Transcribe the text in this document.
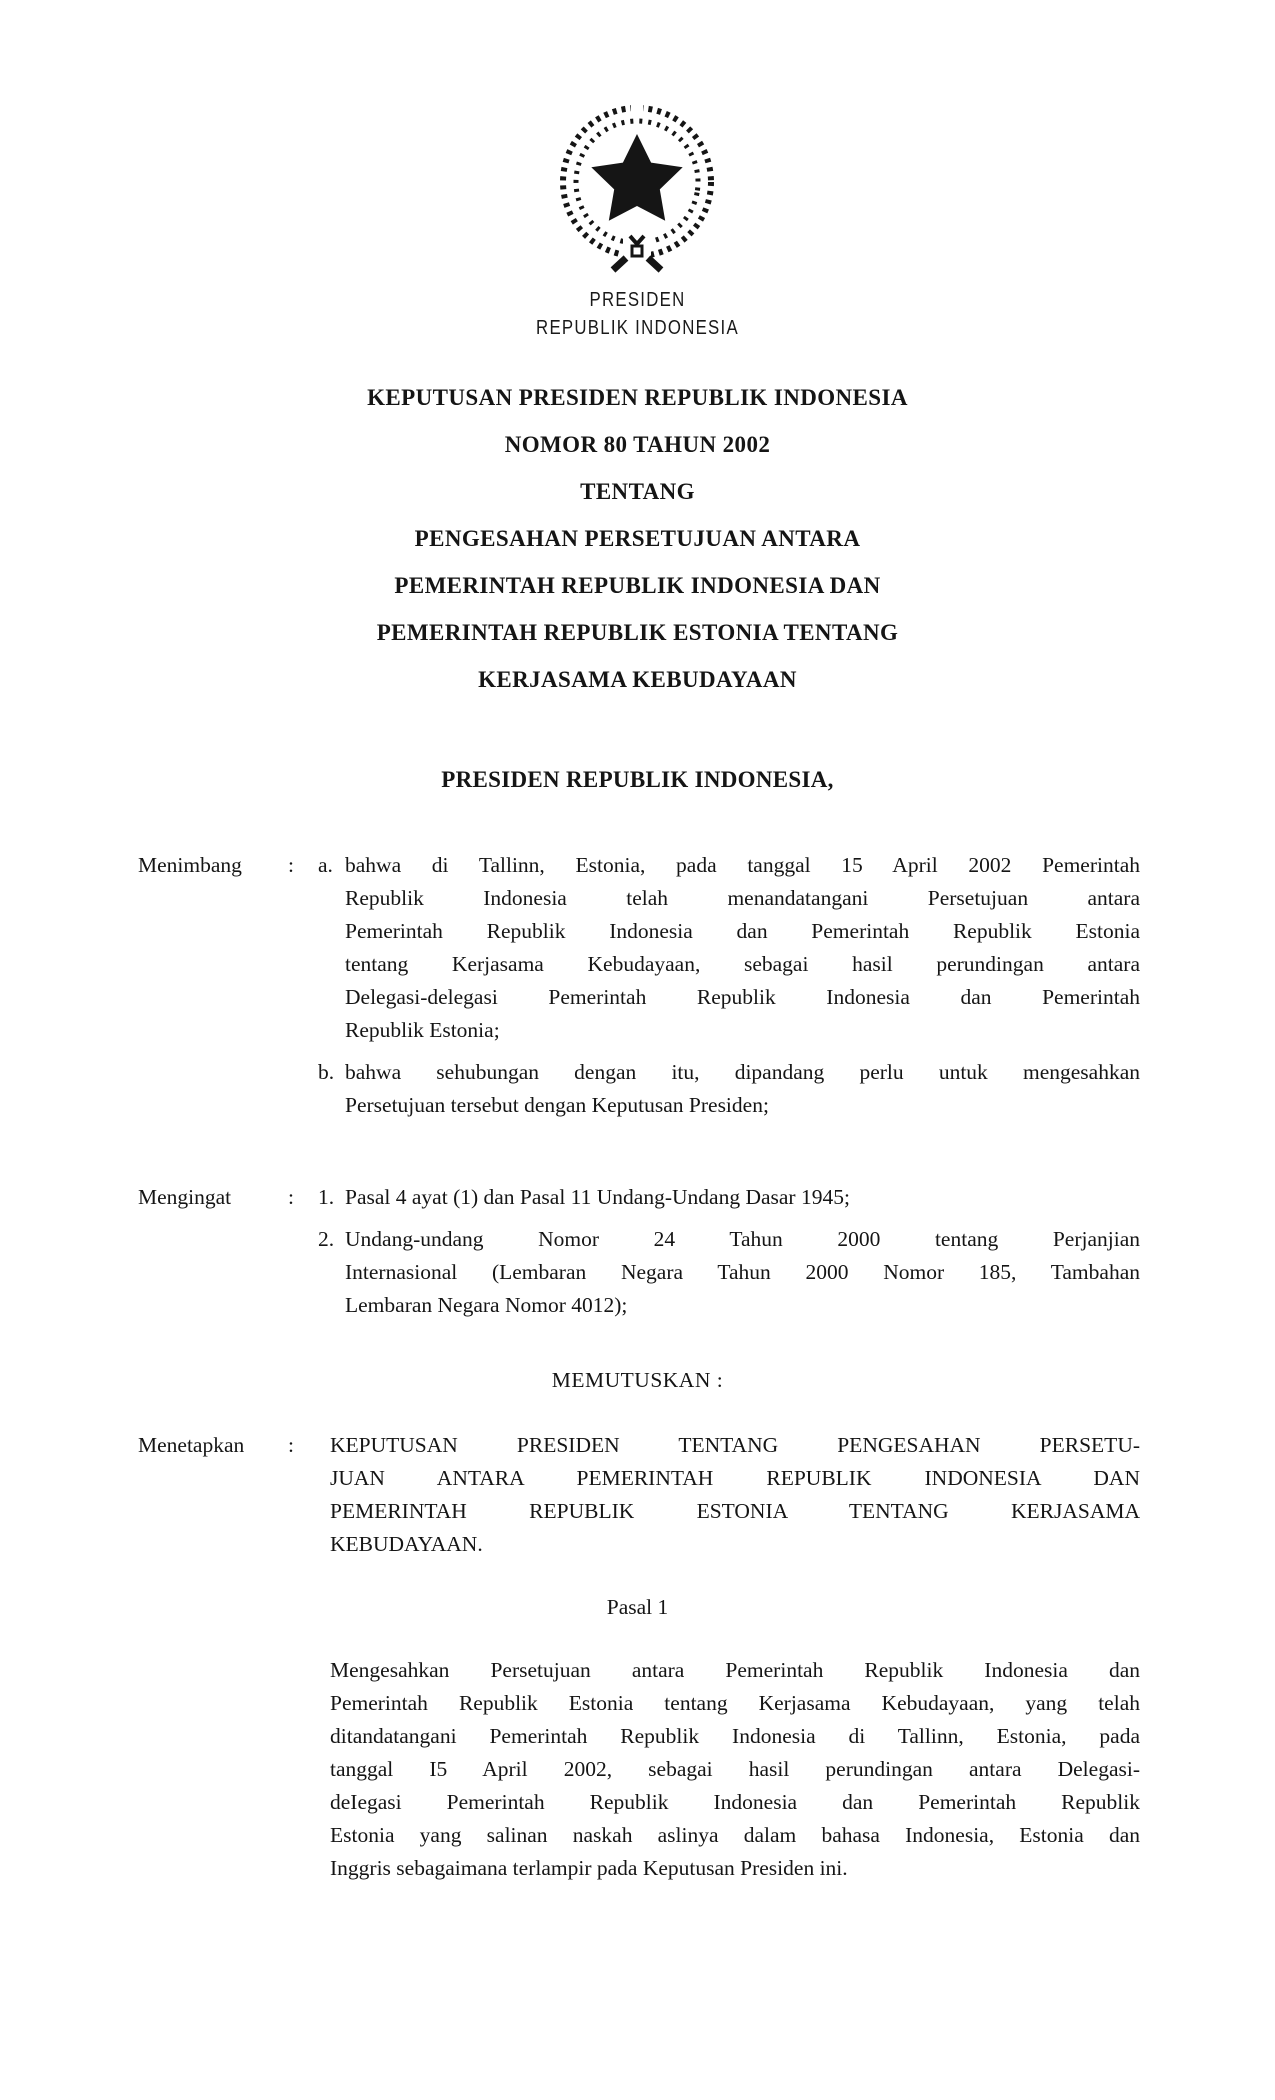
PRESIDEN
REPUBLIK INDONESIA
KEPUTUSAN PRESIDEN REPUBLIK INDONESIA
NOMOR 80 TAHUN 2002
TENTANG
PENGESAHAN PERSETUJUAN ANTARA
PEMERINTAH REPUBLIK INDONESIA DAN
PEMERINTAH REPUBLIK ESTONIA TENTANG
KERJASAMA KEBUDAYAAN
PRESIDEN REPUBLIK INDONESIA,
Menimbang	:	a. bahwa di Tallinn, Estonia, pada tanggal 15 April 2002 Pemerintah
Republik Indonesia telah menandatangani Persetujuan antara
Pemerintah Republik Indonesia dan Pemerintah Republik Estonia
tentang Kerjasama Kebudayaan, sebagai hasil perundingan antara
Delegasi-delegasi Pemerintah Republik Indonesia dan Pemerintah
Republik Estonia;
b. bahwa sehubungan dengan itu, dipandang perlu untuk mengesahkan
Persetujuan tersebut dengan Keputusan Presiden;
Mengingat	:	1. Pasal 4 ayat (1) dan Pasal 11 Undang-Undang Dasar 1945;
2. Undang-undang Nomor 24 Tahun 2000 tentang Perjanjian
Internasional (Lembaran Negara Tahun 2000 Nomor 185, Tambahan
Lembaran Negara Nomor 4012);
MEMUTUSKAN :
Menetapkan	:	KEPUTUSAN PRESIDEN TENTANG PENGESAHAN PERSETU-
JUAN ANTARA PEMERINTAH REPUBLIK INDONESIA DAN
PEMERINTAH REPUBLIK ESTONIA TENTANG KERJASAMA
KEBUDAYAAN.
Pasal 1
Mengesahkan Persetujuan antara Pemerintah Republik Indonesia dan
Pemerintah Republik Estonia tentang Kerjasama Kebudayaan, yang telah
ditandatangani Pemerintah Republik Indonesia di Tallinn, Estonia, pada
tanggal I5 April 2002, sebagai hasil perundingan antara Delegasi-
deIegasi Pemerintah Republik Indonesia dan Pemerintah Republik
Estonia yang salinan naskah aslinya dalam bahasa Indonesia, Estonia dan
Inggris sebagaimana terlampir pada Keputusan Presiden ini.
